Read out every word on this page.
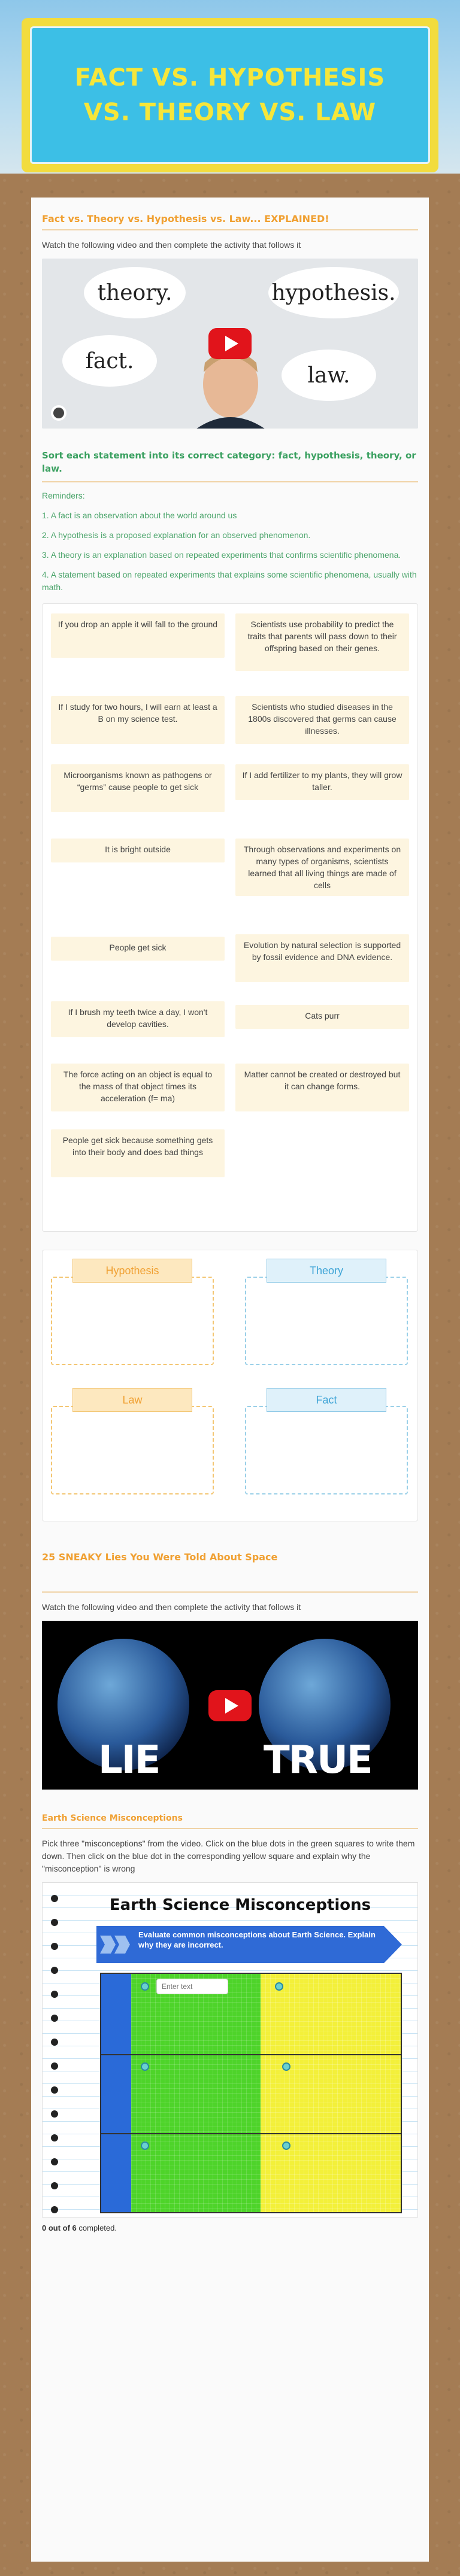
FACT VS. HYPOTHESIS VS. THEORY VS. LAW
Fact vs. Theory vs. Hypothesis vs. Law... EXPLAINED!
Watch the following video and then complete the activity that follows it
theory.	hypothesis.
fact.
law.
Sort each statement into its correct category: fact, hypothesis, theory, or law.
Reminders:
1. A fact is an observation about the world around us
2. A hypothesis is a proposed explanation for an observed phenomenon.
3. A theory is an explanation based on repeated experiments that confirms scientific phenomena.
4. A statement based on repeated experiments that explains some scientific phenomena, usually with math.
If you drop an apple it will fall to the ground	Scientists use probability to predict the traits that parents will pass down to their offspring based on their genes.
If I study for two hours, I will earn at least a B on my science test.
Scientists who studied diseases in the 1800s discovered that germs can cause illnesses.
Microorganisms known as pathogens or “germs” cause people to get sick
If I add fertilizer to my plants, they will grow taller.
It is bright outside	Through observations and experiments on many types of organisms, scientists learned that all living things are made of cells
People get sick	Evolution by natural selection is supported by fossil evidence and DNA evidence.
If I brush my teeth twice a day, I won't develop cavities.
Cats purr
The force acting on an object is equal to the mass of that object times its acceleration (f= ma)
Matter cannot be created or destroyed but it can change forms.
People get sick because something gets into their body and does bad things
Hypothesis	Theory
Law	Fact
25 SNEAKY Lies You Were Told About Space
Watch the following video and then complete the activity that follows it
LIE	TRUE
Earth Science Misconceptions
Pick three "misconceptions" from the video. Click on the blue dots in the green squares to write them down. Then click on the blue dot in the corresponding yellow square and explain why the "misconception" is wrong
Earth Science Misconceptions
Evaluate common misconceptions about Earth Science. Explain why they are incorrect.
Enter text
0 out of 6 completed.
